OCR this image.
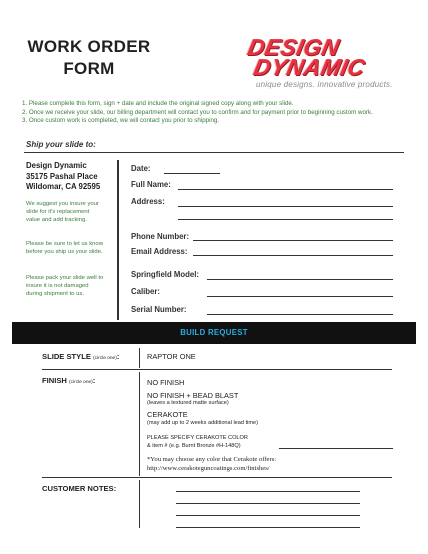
WORK ORDER
FORM
DESIGN
DYNAMIC
unique designs. innovative products.
1. Please complete this form, sign + date and include the original signed copy along with your slide.
2. Once we receive your slide, our billing department will contact you to confirm and for payment prior to beginning custom work.
3. Once custom work is completed, we will contact you prior to shipping.
Ship your slide to:
Design Dynamic
35175 Pashal Place
Wildomar, CA 92595
We suggest you insure your slide for it's replacement value and add tracking.
Please be sure to let us know before you ship us your slide.
Please pack your slide well to insure it is not damaged during shipment to us.
Date:
Full Name:
Address:
Phone Number:
Email Address:
Springfield Model:
Caliber:
Serial Number:
BUILD REQUEST
SLIDE STYLE (circle one):	RAPTOR ONE
FINISH (circle one):	NO FINISH
NO FINISH + BEAD BLAST
(leaves a textured matte surface)
CERAKOTE
(may add up to 2 weeks additional lead time)
PLEASE SPECIFY CERAKOTE COLOR
& item # (e.g. Burnt Bronze #H-148Q)
*You may choose any color that Cerakote offers:
http://www.cerakoteguncoatings.com/finishes/
CUSTOMER NOTES:
